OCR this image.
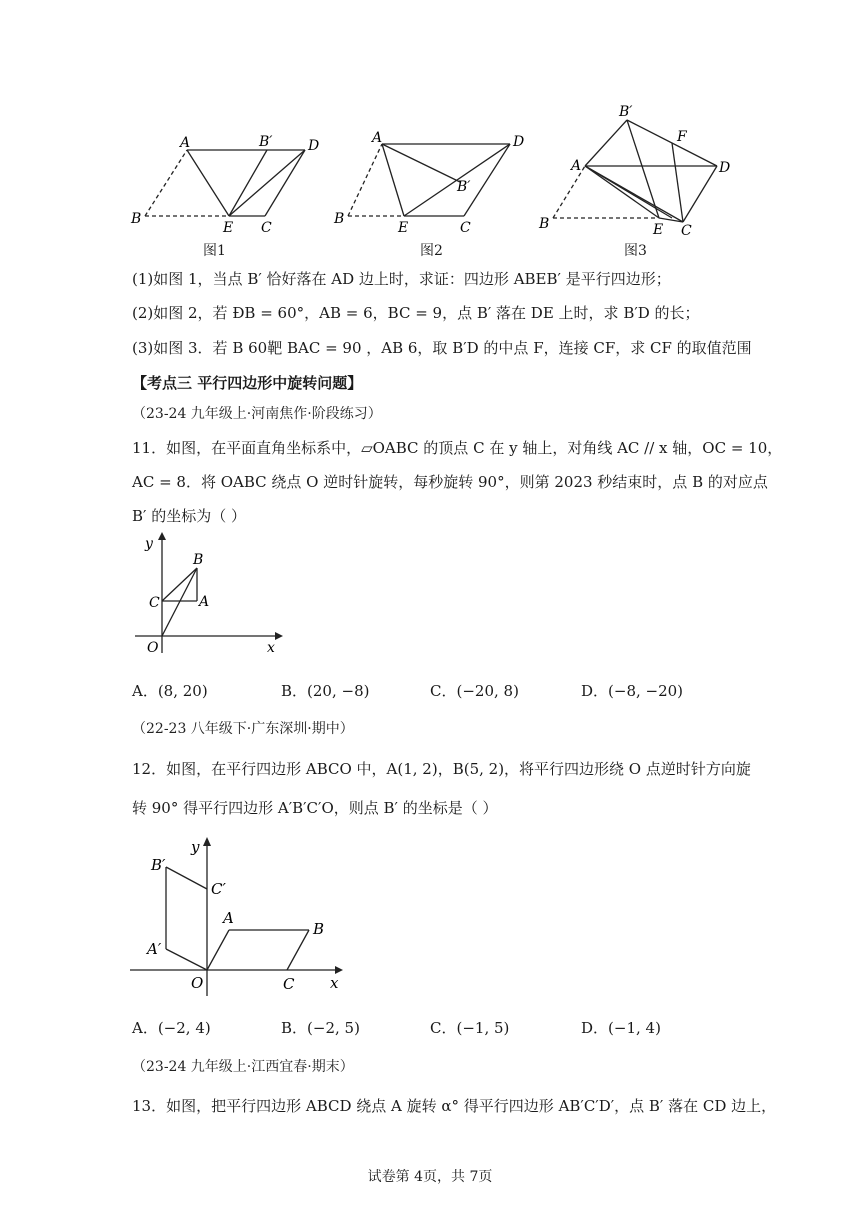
A	B′	D
B
E C
图1
A	D
B′
B
E	C
图2
B′
F
A	D
B	E C
图3
(1)如图 1，当点 B′ 恰好落在 AD 边上时，求证：四边形 ABEB′ 是平行四边形；
(2)如图 2，若 ÐB = 60°，AB = 6，BC = 9，点 B′ 落在 DE 上时，求 B′D 的长；
(3)如图 3．若 B 60靶 BAC = 90 ，AB 6，取 B′D 的中点 F，连接 CF，求 CF 的取值范围
【考点三 平行四边形中旋转问题】
（23-24 九年级上·河南焦作·阶段练习）
11．如图，在平面直角坐标系中，▱OABC 的顶点 C 在 y 轴上，对角线 AC // x 轴，OC = 10，
AC = 8．将 OABC 绕点 O 逆时针旋转，每秒旋转 90°，则第 2023 秒结束时，点 B 的对应点
B′ 的坐标为（ ）
y
x
O
B
C	A
A．(8, 20)	B．(20, −8)	C．(−20, 8)	D．(−8, −20)
（22-23 八年级下·广东深圳·期中）
12．如图，在平行四边形 ABCO 中，A(1, 2)，B(5, 2)，将平行四边形绕 O 点逆时针方向旋
转 90° 得平行四边形 A′B′C′O，则点 B′ 的坐标是（ ）
y
x
O
B′
C′
A′
A
B
C
A．(−2, 4)	B．(−2, 5)	C．(−1, 5)	D．(−1, 4)
（23-24 九年级上·江西宜春·期末）
13．如图，把平行四边形 ABCD 绕点 A 旋转 α° 得平行四边形 AB′C′D′，点 B′ 落在 CD 边上，
试卷第 4页，共 7页
